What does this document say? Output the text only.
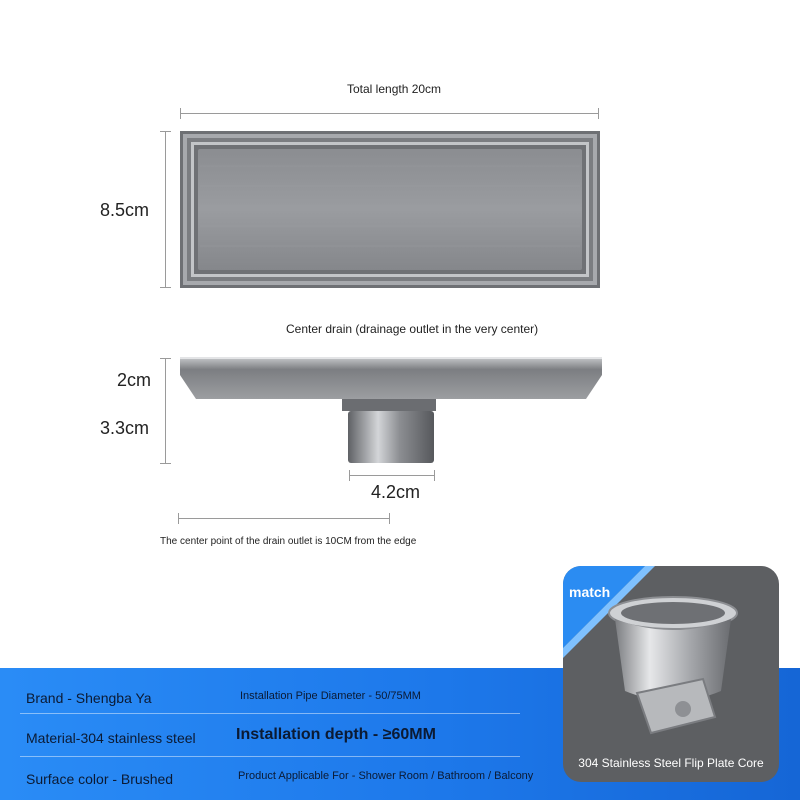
Total length 20cm
8.5cm
Center drain (drainage outlet in the very center)
2cm
3.3cm
4.2cm
The center point of the drain outlet is 10CM from the edge
Brand - Shengba Ya
Material-304 stainless steel
Surface color - Brushed
Installation Pipe Diameter - 50/75MM
Installation depth - ≥60MM
Product Applicable For - Shower Room / Bathroom / Balcony
match
304 Stainless Steel Flip Plate Core
